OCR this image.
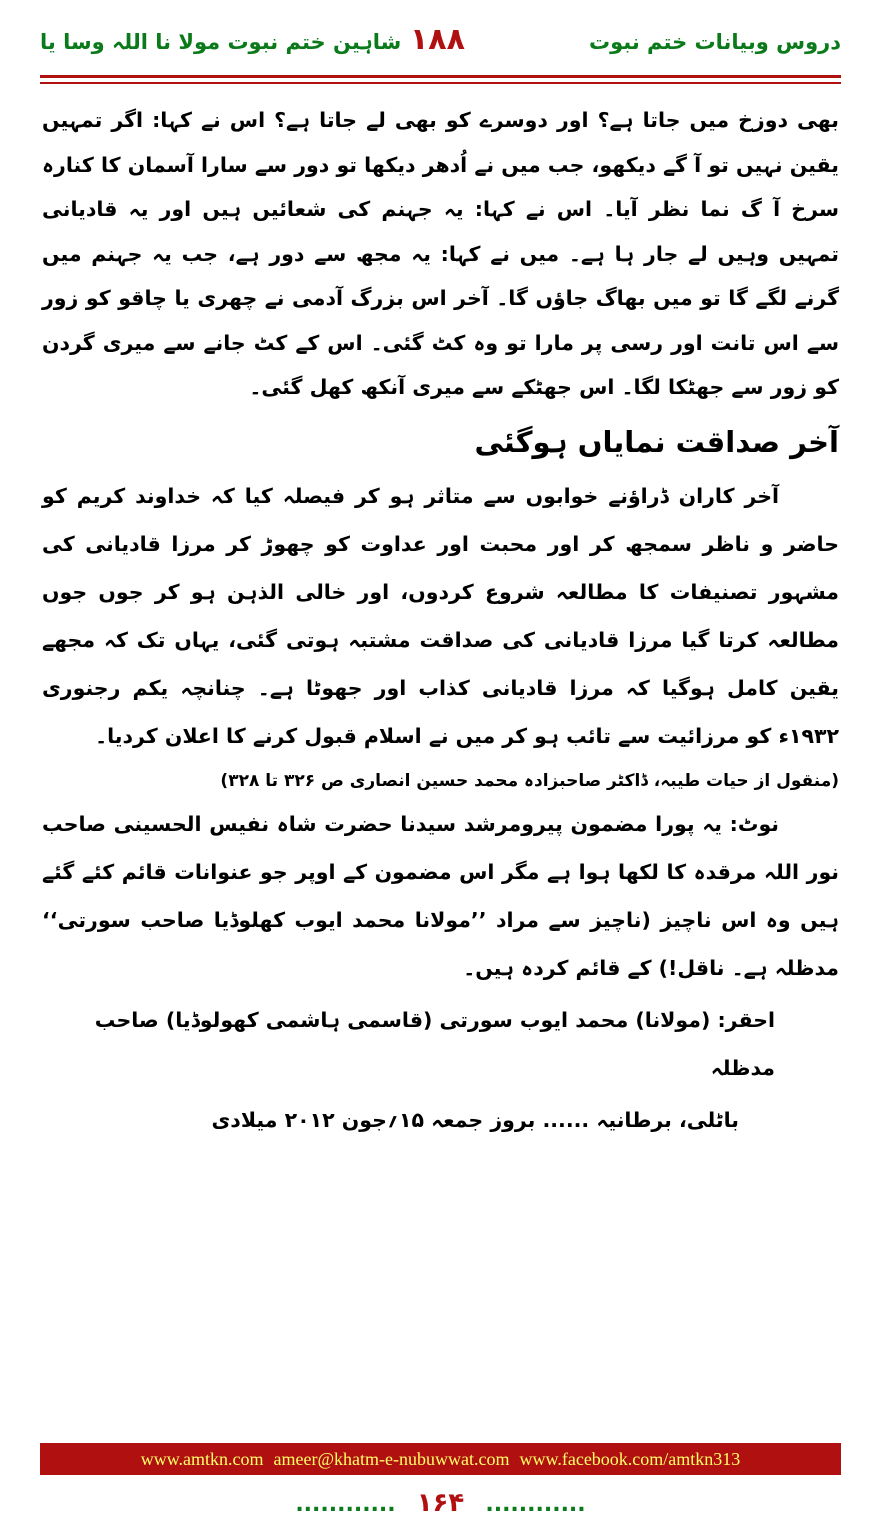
دروس وبیانات ختم نبوت
۱۸۸
شاہین ختم نبوت مولا نا اللہ وسا یا

بھی دوزخ میں جاتا ہے؟ اور دوسرے کو بھی لے جاتا ہے؟ اس نے کہا: اگر تمہیں یقین نہیں تو آ گے دیکھو، جب میں نے اُدھر دیکھا تو دور سے سارا آسمان کا کنارہ سرخ آ گ نما نظر آیا۔ اس نے کہا: یہ جہنم کی شعائیں ہیں اور یہ قادیانی تمہیں وہیں لے جار ہا ہے۔ میں نے کہا: یہ مجھ سے دور ہے، جب یہ جہنم میں گرنے لگے گا تو میں بھاگ جاؤں گا۔ آخر اس بزرگ آدمی نے چھری یا چاقو کو زور سے اس تانت اور رسی پر مارا تو وہ کٹ گئی۔ اس کے کٹ جانے سے میری گردن کو زور سے جھٹکا لگا۔ اس جھٹکے سے میری آنکھ کھل گئی۔

آخر صداقت نمایاں ہوگئی

آخر کاران ڈراؤنے خوابوں سے متاثر ہو کر فیصلہ کیا کہ خداوند کریم کو حاضر و ناظر سمجھ کر اور محبت اور عداوت کو چھوڑ کر مرزا قادیانی کی مشہور تصنیفات کا مطالعہ شروع کردوں، اور خالی الذہن ہو کر جوں جوں مطالعہ کرتا گیا مرزا قادیانی کی صداقت مشتبہ ہوتی گئی، یہاں تک کہ مجھے یقین کامل ہوگیا کہ مرزا قادیانی کذاب اور جھوٹا ہے۔ چنانچہ یکم رجنوری ۱۹۳۲ء کو مرزائیت سے تائب ہو کر میں نے اسلام قبول کرنے کا اعلان کردیا۔

(منقول از حیات طیبہ، ڈاکٹر صاحبزادہ محمد حسین انصاری ص ۳۲۶ تا ۳۲۸)

نوٹ: یہ پورا مضمون پیرومرشد سیدنا حضرت شاہ نفیس الحسینی صاحب نور اللہ مرقدہ کا لکھا ہوا ہے مگر اس مضمون کے اوپر جو عنوانات قائم کئے گئے ہیں وہ اس ناچیز (ناچیز سے مراد ’’مولانا محمد ایوب کھلوڈیا صاحب سورتی‘‘ مدظلہ ہے۔ ناقل!) کے قائم کردہ ہیں۔

احقر: (مولانا) محمد ایوب سورتی (قاسمی ہاشمی کھولوڈیا) صاحب مدظلہ

باٹلی، برطانیہ ...... بروز جمعہ ۱۵؍جون ۲۰۱۲ میلادی

www.amtkn.com ameer@khatm-e-nubuwwat.com www.facebook.com/amtkn313
............ ۱۶۴ ............
